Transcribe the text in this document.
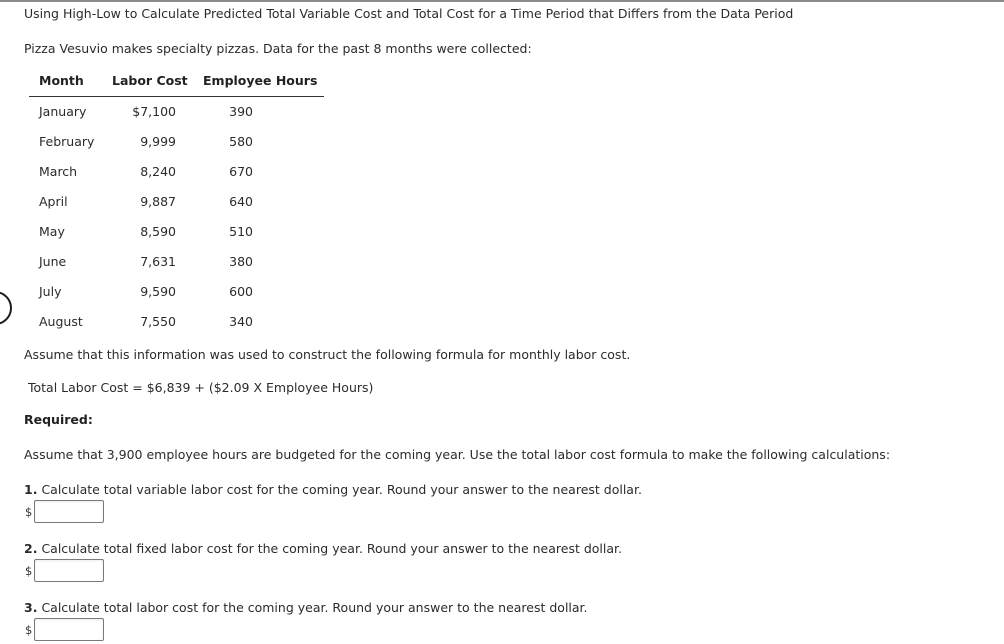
Using High-Low to Calculate Predicted Total Variable Cost and Total Cost for a Time Period that Differs from the Data Period
Pizza Vesuvio makes specialty pizzas. Data for the past 8 months were collected:
Month Labor Cost Employee Hours
January	$7,100	390
February	9,999	580
March	8,240	670
April	9,887	640
May	8,590	510
June	7,631	380
July	9,590	600
August	7,550	340
Assume that this information was used to construct the following formula for monthly labor cost.
Total Labor Cost = $6,839 + ($2.09 X Employee Hours)
Required:
Assume that 3,900 employee hours are budgeted for the coming year. Use the total labor cost formula to make the following calculations:
1. Calculate total variable labor cost for the coming year. Round your answer to the nearest dollar.
$
2. Calculate total fixed labor cost for the coming year. Round your answer to the nearest dollar.
$
3. Calculate total labor cost for the coming year. Round your answer to the nearest dollar.
$
